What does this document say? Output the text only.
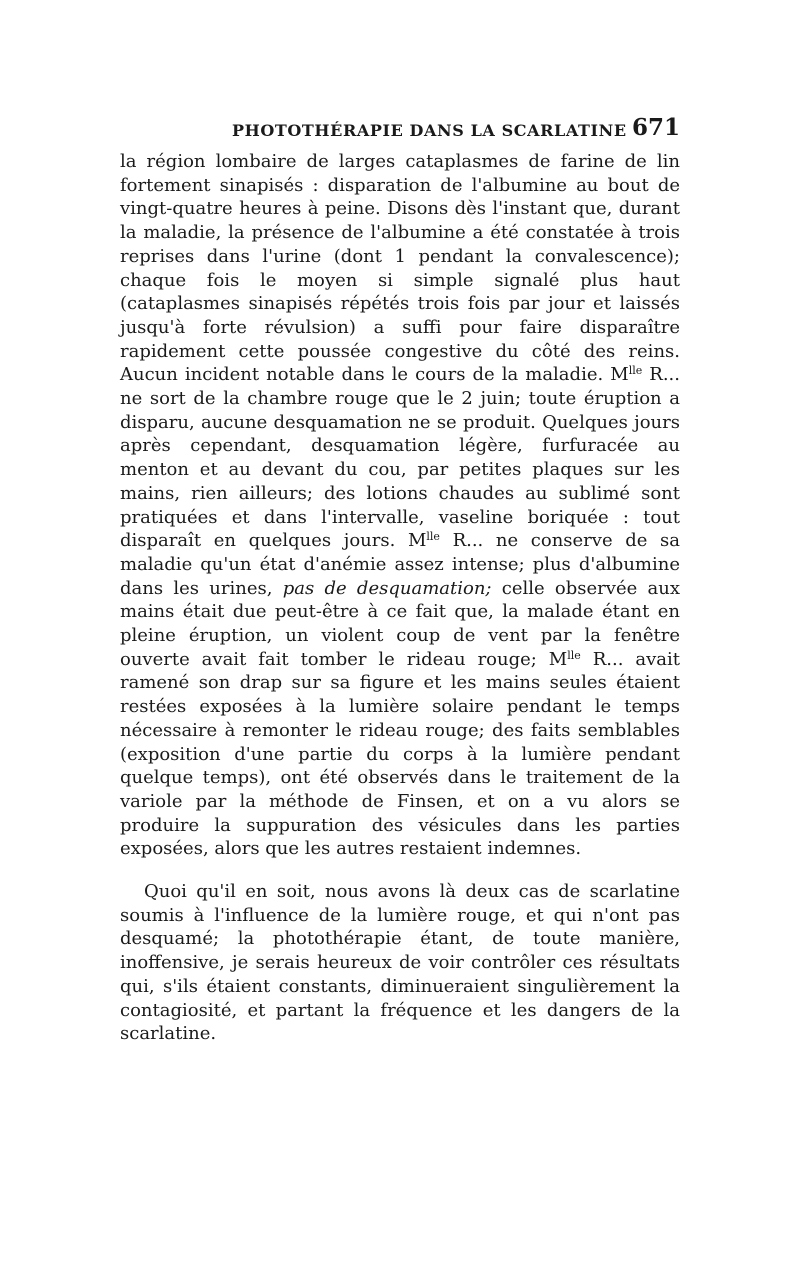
PHOTOTHÉRAPIE DANS LA SCARLATINE 671

la région lombaire de larges cataplasmes de farine de lin fortement sinapisés : disparation de l'albumine au bout de vingt-quatre heures à peine. Disons dès l'instant que, durant la maladie, la présence de l'albumine a été constatée à trois reprises dans l'urine (dont 1 pendant la convalescence); chaque fois le moyen si simple signalé plus haut (cataplasmes sinapisés répétés trois fois par jour et laissés jusqu'à forte révulsion) a suffi pour faire disparaître rapidement cette poussée congestive du côté des reins. Aucun incident notable dans le cours de la maladie. $M^{lle}$ R... ne sort de la chambre rouge que le 2 juin; toute éruption a disparu, aucune desquamation ne se produit. Quelques jours après cependant, desquamation légère, furfuracée au menton et au devant du cou, par petites plaques sur les mains, rien ailleurs; des lotions chaudes au sublimé sont pratiquées et dans l'intervalle, vaseline boriquée : tout disparaît en quelques jours. $M^{lle}$ R... ne conserve de sa maladie qu'un état d'anémie assez intense; plus d'albumine dans les urines, pas de desquamation; celle observée aux mains était due peut-être à ce fait que, la malade étant en pleine éruption, un violent coup de vent par la fenêtre ouverte avait fait tomber le rideau rouge; $M^{lle}$ R... avait ramené son drap sur sa figure et les mains seules étaient restées exposées à la lumière solaire pendant le temps nécessaire à remonter le rideau rouge; des faits semblables (exposition d'une partie du corps à la lumière pendant quelque temps), ont été observés dans le traitement de la variole par la méthode de Finsen, et on a vu alors se produire la suppuration des vésicules dans les parties exposées, alors que les autres restaient indemnes.

Quoi qu'il en soit, nous avons là deux cas de scarlatine soumis à l'influence de la lumière rouge, et qui n'ont pas desquamé; la photothérapie étant, de toute manière, inoffensive, je serais heureux de voir contrôler ces résultats qui, s'ils étaient constants, diminueraient singulièrement la contagiosité, et partant la fréquence et les dangers de la scarlatine.
